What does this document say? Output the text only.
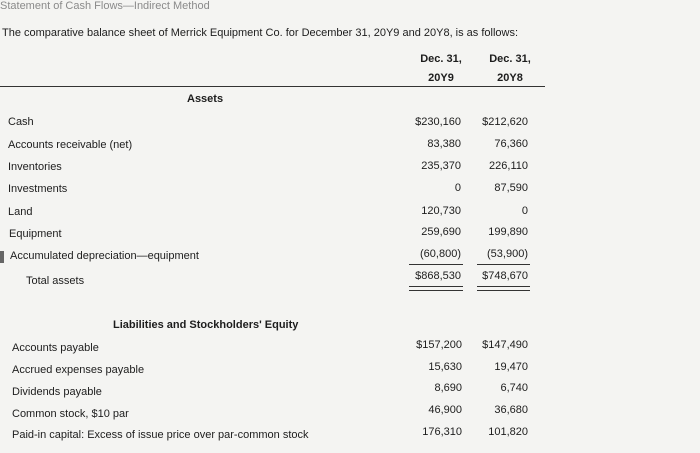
Statement of Cash Flows—Indirect Method
The comparative balance sheet of Merrick Equipment Co. for December 31, 20Y9 and 20Y8, is as follows:
Dec. 31,
20Y9
Dec. 31,
20Y8
Assets
Cash	$230,160	$212,620
Accounts receivable (net)	83,380	76,360
Inventories	235,370	226,110
Investments	0	87,590
Land	120,730	0
Equipment	259,690	199,890
Accumulated depreciation—equipment	(60,800)	(53,900)
Total assets	$868,530	$748,670
Liabilities and Stockholders' Equity
Accounts payable	$157,200	$147,490
Accrued expenses payable	15,630	19,470
Dividends payable	8,690	6,740
Common stock, $10 par	46,900	36,680
Paid-in capital: Excess of issue price over par-common stock	176,310	101,820
